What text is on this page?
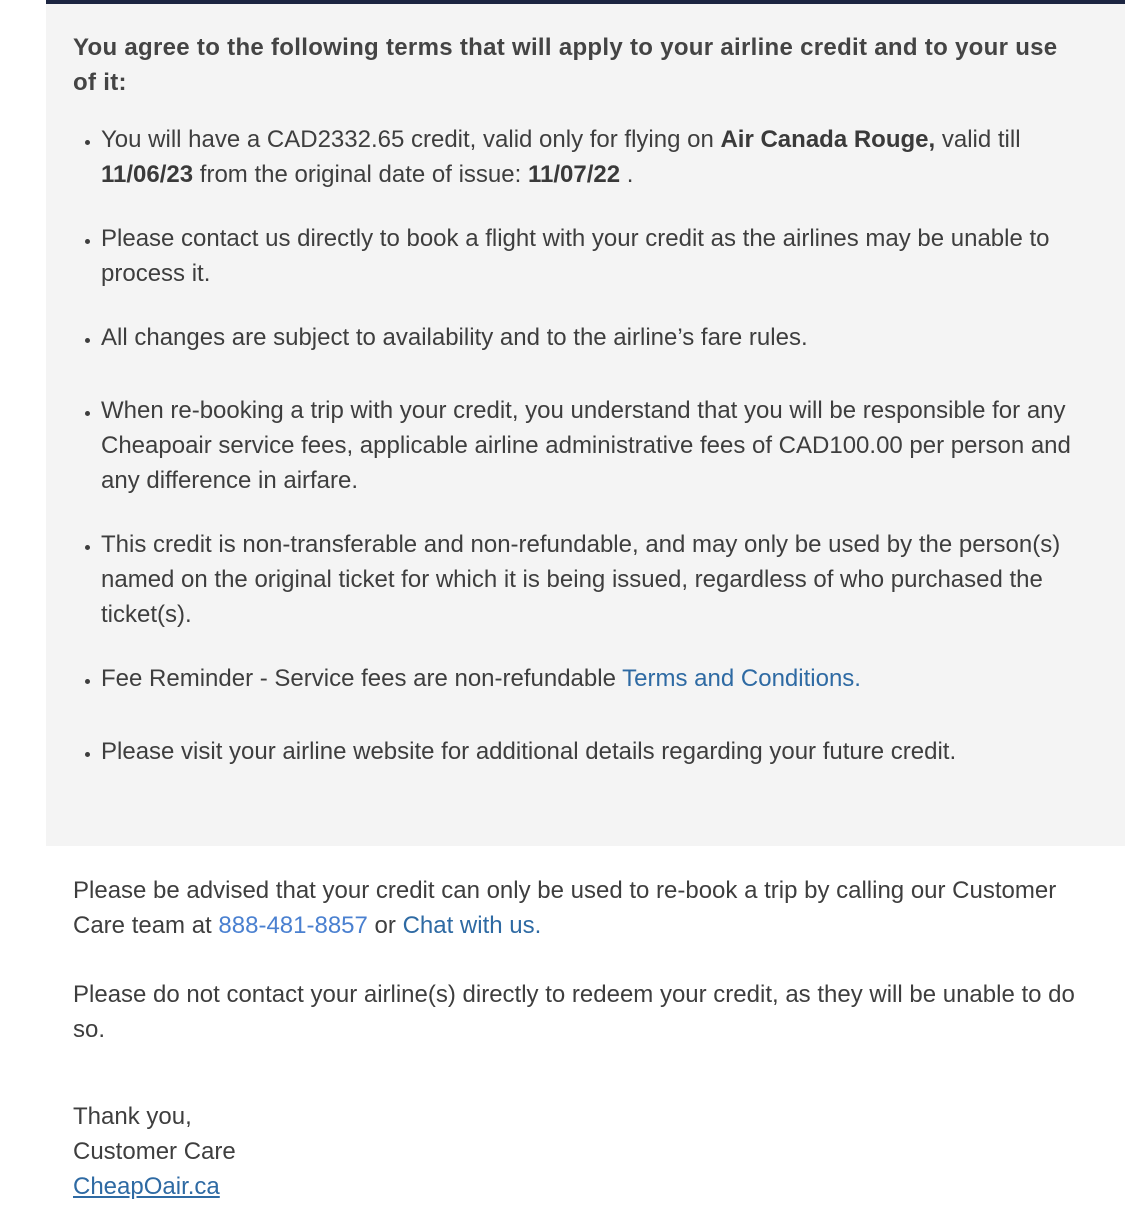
You agree to the following terms that will apply to your airline credit and to your use of it:
You will have a CAD2332.65 credit, valid only for flying on Air Canada Rouge, valid till 11/06/23 from the original date of issue: 11/07/22 .
Please contact us directly to book a flight with your credit as the airlines may be unable to process it.
All changes are subject to availability and to the airline’s fare rules.
When re-booking a trip with your credit, you understand that you will be responsible for any Cheapoair service fees, applicable airline administrative fees of CAD100.00 per person and any difference in airfare.
This credit is non-transferable and non-refundable, and may only be used by the person(s) named on the original ticket for which it is being issued, regardless of who purchased the ticket(s).
Fee Reminder - Service fees are non-refundable Terms and Conditions.
Please visit your airline website for additional details regarding your future credit.
Please be advised that your credit can only be used to re-book a trip by calling our Customer Care team at 888-481-8857 or Chat with us.
Please do not contact your airline(s) directly to redeem your credit, as they will be unable to do so.
Thank you,
Customer Care
CheapOair.ca
